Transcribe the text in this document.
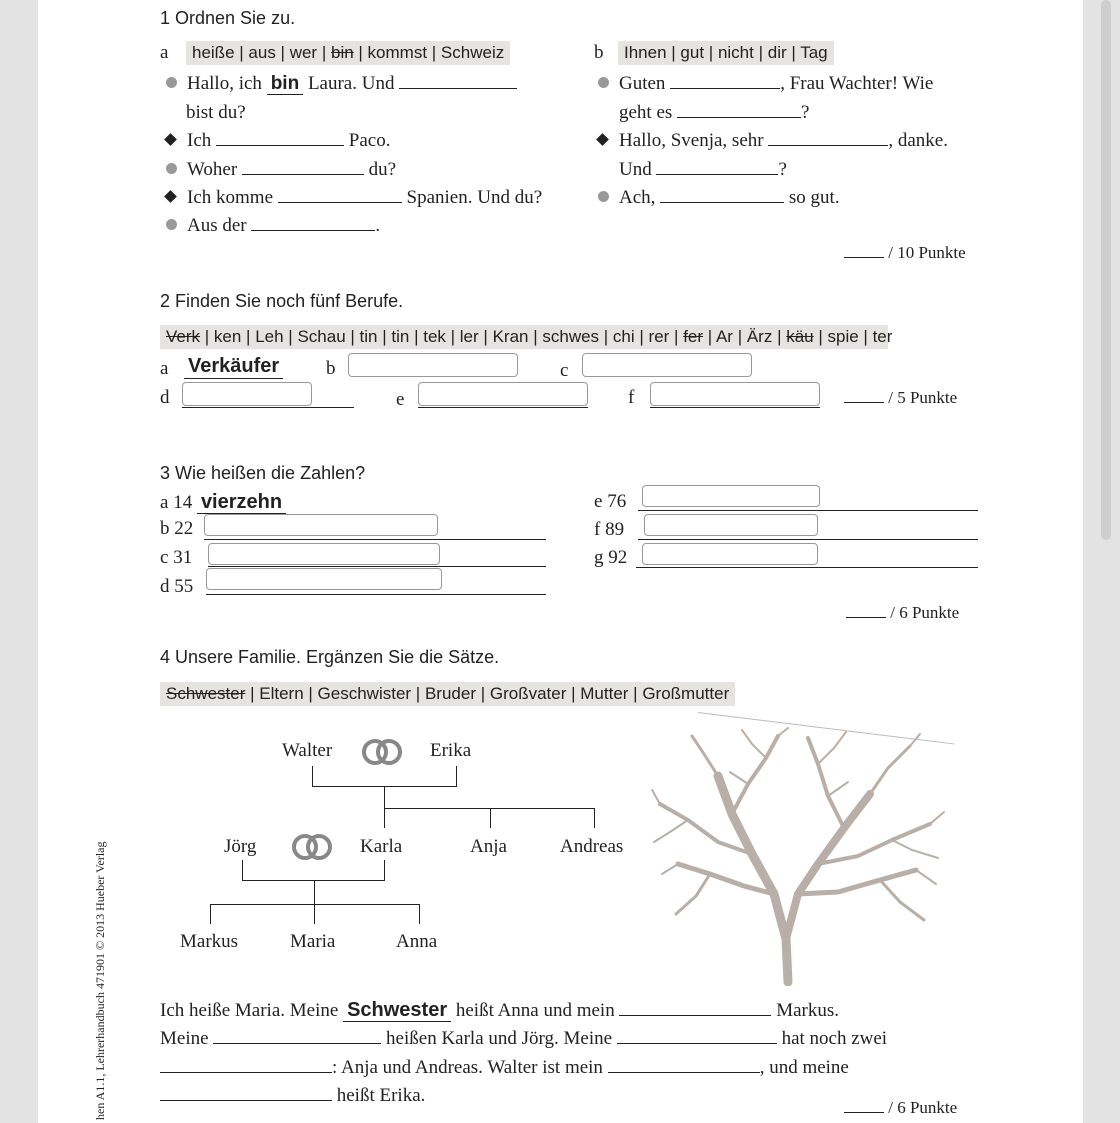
hen A1.1, Lehrerhandbuch 471901 © 2013 Hueber Verlag
1 Ordnen Sie zu.
a	heiße | aus | wer | bin | kommst | Schweiz	b	Ihnen | gut | nicht | dir | Tag
Hallo, ich bin Laura. Und
bist du?
Ich	Paco.
Woher	du?
Ich komme	Spanien. Und du?
Aus der	.
Guten	, Frau Wachter! Wie
geht es	?
Hallo, Svenja, sehr	, danke.
Und	?
Ach,	so gut.
/ 10 Punkte
2 Finden Sie noch fünf Berufe.
Verk | ken | Leh | Schau | tin | tin | tek | ler | Kran | schwes | chi | rer | fer | Ar | Ärz | käu | spie | ter
a Verkäufer b	c
d	e	f	/ 5 Punkte
3 Wie heißen die Zahlen?
a 14 vierzehn
b 22
c 31
d 55
e 76
f 89
g 92
/ 6 Punkte
4 Unsere Familie. Ergänzen Sie die Sätze.
Schwester | Eltern | Geschwister | Bruder | Großvater | Mutter | Großmutter
Walter	Erika
Jörg	Karla	Anja	Andreas
Markus	Maria	Anna
Ich heiße Maria. Meine Schwester heißt Anna und mein	Markus.
Meine	heißen Karla und Jörg. Meine	hat noch zwei
: Anja und Andreas. Walter ist mein	, und meine
heißt Erika.
/ 6 Punkte
